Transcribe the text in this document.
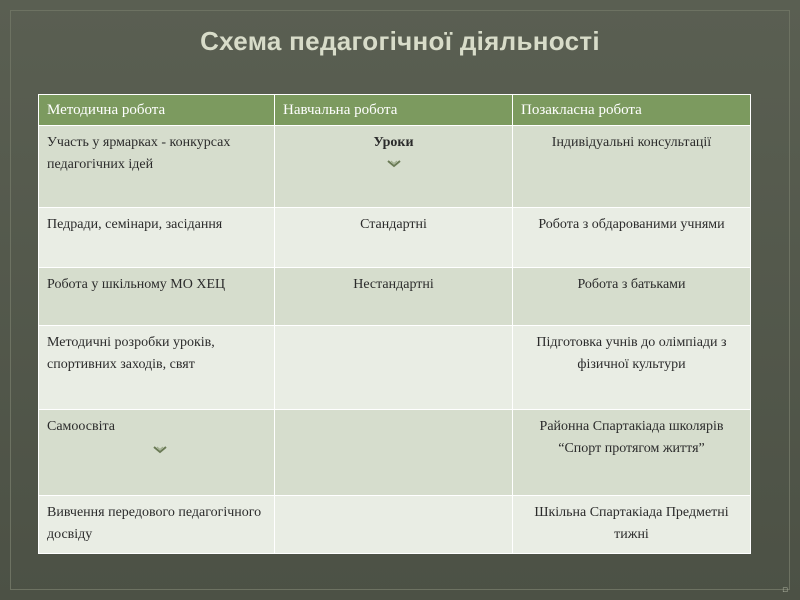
▫
Схема педагогічної діяльності
Методична робота	Навчальна робота	Позакласна робота
Участь у ярмарках - конкурсах педагогічних ідей	Уроки	Індивідуальні консультації
Педради, семінари, засідання	Стандартні	Робота з обдарованими учнями
Робота у шкільному МО ХЕЦ	Нестандартні	Робота з батьками
Методичні розробки уроків, спортивних заходів, свят		Підготовка учнів до олімпіади з фізичної культури
Самоосвіта		Районна Спартакіада школярів “Спорт протягом життя”
Вивчення передового педагогічного досвіду		Шкільна Спартакіада Предметні тижні
